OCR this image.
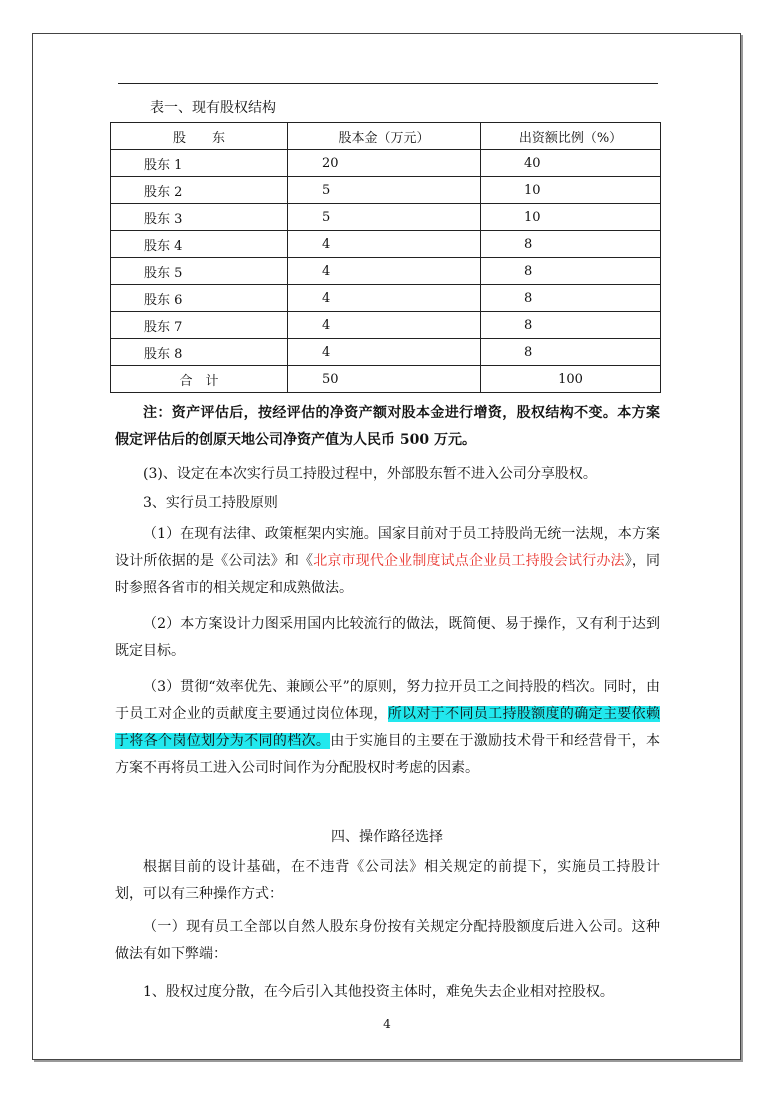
表一、现有股权结构
股　　东	股本金（万元）	出资额比例（%）
股东 1	20	40
股东 2	5	10
股东 3	5	10
股东 4	4	8
股东 5	4	8
股东 6	4	8
股东 7	4	8
股东 8	4	8
合　计	50	100
注：资产评估后，按经评估的净资产额对股本金进行增资，股权结构不变。本方案假定评估后的创原天地公司净资产值为人民币 500 万元。
(3)、设定在本次实行员工持股过程中，外部股东暂不进入公司分享股权。
3、实行员工持股原则
（1）在现有法律、政策框架内实施。国家目前对于员工持股尚无统一法规，本方案设计所依据的是《公司法》和《北京市现代企业制度试点企业员工持股会试行办法》，同时参照各省市的相关规定和成熟做法。
（2）本方案设计力图采用国内比较流行的做法，既简便、易于操作，又有利于达到既定目标。
（3）贯彻“效率优先、兼顾公平”的原则，努力拉开员工之间持股的档次。同时，由于员工对企业的贡献度主要通过岗位体现，所以对于不同员工持股额度的确定主要依赖于将各个岗位划分为不同的档次。由于实施目的主要在于激励技术骨干和经营骨干，本方案不再将员工进入公司时间作为分配股权时考虑的因素。
四、操作路径选择
根据目前的设计基础，在不违背《公司法》相关规定的前提下，实施员工持股计划，可以有三种操作方式：
（一）现有员工全部以自然人股东身份按有关规定分配持股额度后进入公司。这种做法有如下弊端：
1、股权过度分散，在今后引入其他投资主体时，难免失去企业相对控股权。
4
